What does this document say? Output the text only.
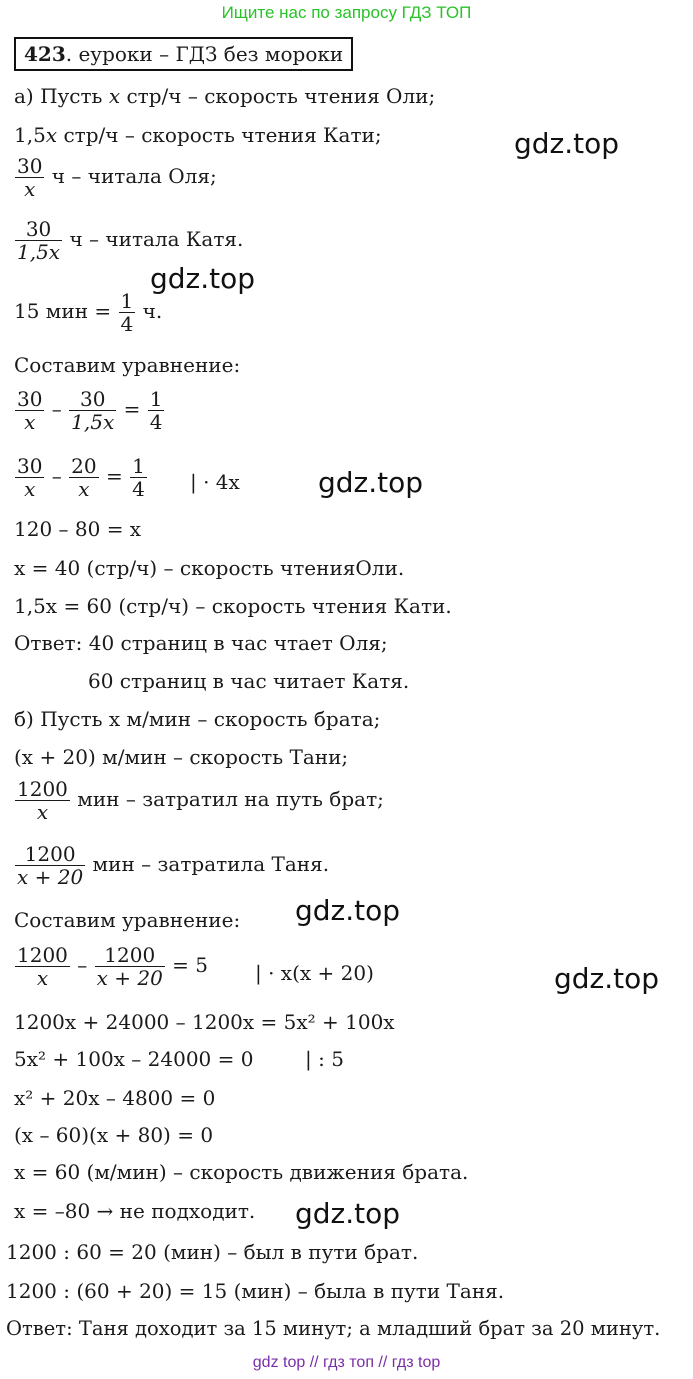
Ищите нас по запросу ГДЗ ТОП
423. еуроки – ГДЗ без мороки
а) Пусть x стр/ч – скорость чтения Оли;
1,5x стр/ч – скорость чтения Кати;
$\frac{30}{x}$ ч – читала Оля;
$\frac{30}{1,5x}$ ч – читала Катя.
15 мин = $\frac{1}{4} ч$.
Составим уравнение:
$\frac{30}{x} - \frac{30}{1,5x} = \frac{1}{4}$
$\frac{30}{x} - \frac{20}{x} = \frac{1}{4}$ | · 4x
120 – 80 = x
x = 40 (стр/ч) – скорость чтенияОли.
1,5x = 60 (стр/ч) – скорость чтения Кати.
Ответ: 40 страниц в час чтает Оля;
60 страниц в час читает Катя.
б) Пусть x м/мин – скорость брата;
(x + 20) м/мин – скорость Тани;
$\frac{1200}{x}$ мин – затратил на путь брат;
$\frac{1200}{x + 20}$ мин – затратила Таня.
Составим уравнение:
$\frac{1200}{x} - \frac{1200}{x + 20} = 5$ | · x(x + 20)
1200x + 24000 – 1200x = 5x² + 100x
5x² + 100x – 24000 = 0	| : 5
x² + 20x – 4800 = 0
(x – 60)(x + 80) = 0
x = 60 (м/мин) – скорость движения брата.
x = –80 → не подходит.
1200 : 60 = 20 (мин) – был в пути брат.
1200 : (60 + 20) = 15 (мин) – была в пути Таня.
Ответ: Таня доходит за 15 минут; а младший брат за 20 минут.
gdz.top
gdz.top
gdz.top
gdz.top
gdz.top
gdz.top
gdz top // гдз топ // гдз top
